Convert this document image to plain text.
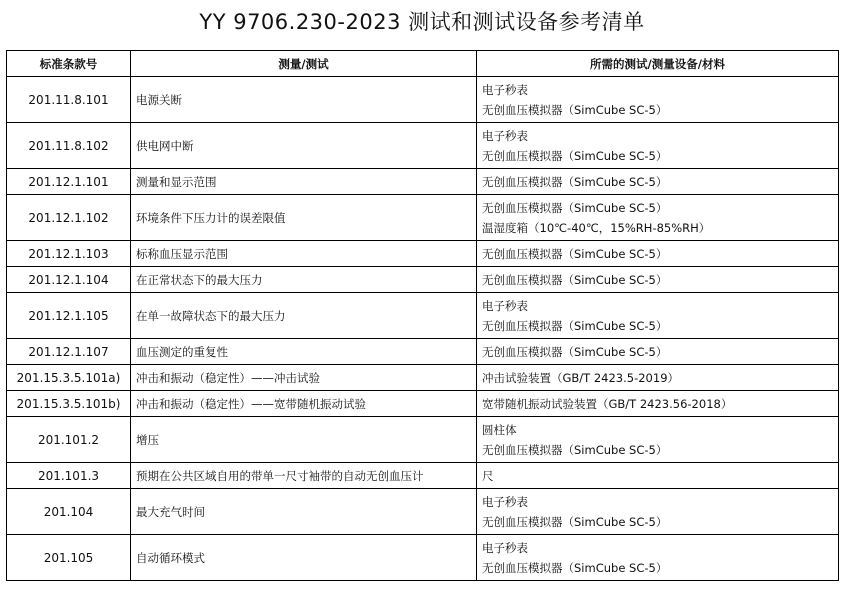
YY 9706.230-2023 测试和测试设备参考清单
标准条款号	测量/测试	所需的测试/测量设备/材料
201.11.8.101	电源关断	电子秒表
无创血压模拟器（SimCube SC-5）

201.11.8.102	供电网中断	电子秒表
无创血压模拟器（SimCube SC-5）

201.12.1.101	测量和显示范围	无创血压模拟器（SimCube SC-5）

201.12.1.102	环境条件下压力计的误差限值	无创血压模拟器（SimCube SC-5）
温湿度箱（10℃-40℃，15%RH-85%RH）

201.12.1.103	标称血压显示范围	无创血压模拟器（SimCube SC-5）

201.12.1.104	在正常状态下的最大压力	无创血压模拟器（SimCube SC-5）

201.12.1.105	在单一故障状态下的最大压力	电子秒表
无创血压模拟器（SimCube SC-5）

201.12.1.107	血压测定的重复性	无创血压模拟器（SimCube SC-5）

201.15.3.5.101a)	冲击和振动（稳定性）——冲击试验	冲击试验装置（GB/T 2423.5-2019）

201.15.3.5.101b)	冲击和振动（稳定性）——宽带随机振动试验	宽带随机振动试验装置（GB/T 2423.56-2018）

201.101.2	增压	圆柱体
无创血压模拟器（SimCube SC-5）

201.101.3	预期在公共区域自用的带单一尺寸袖带的自动无创血压计	尺

201.104	最大充气时间	电子秒表
无创血压模拟器（SimCube SC-5）

201.105	自动循环模式	电子秒表
无创血压模拟器（SimCube SC-5）
